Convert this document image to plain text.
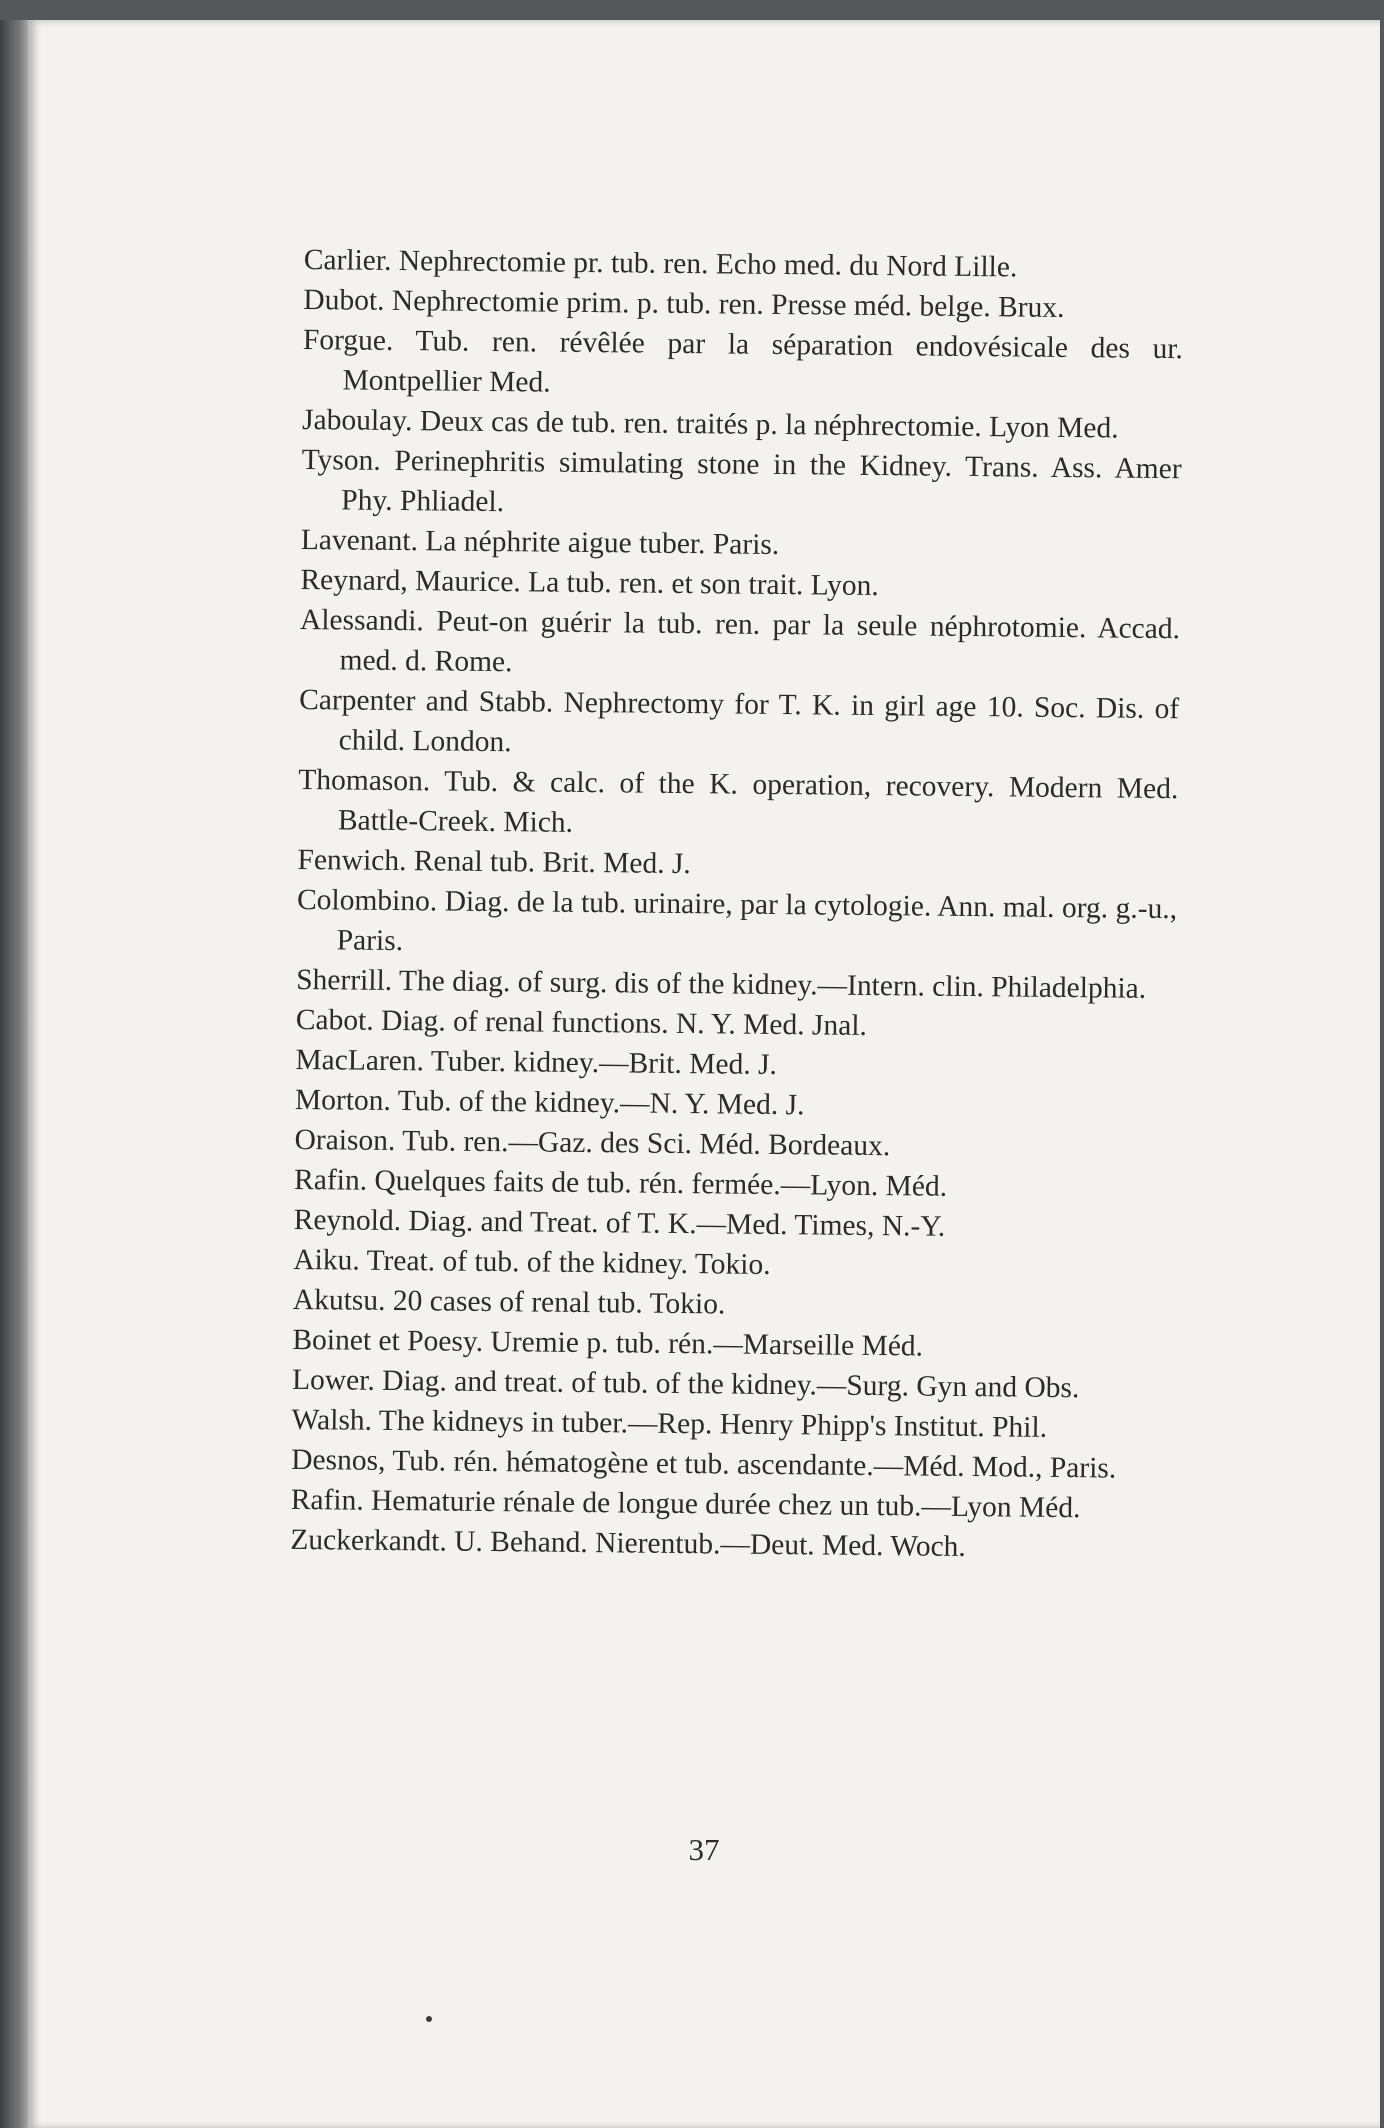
Carlier. Nephrectomie pr. tub. ren. Echo med. du Nord Lille.

Dubot. Nephrectomie prim. p. tub. ren. Presse méd. belge. Brux.

Forgue. Tub. ren. révêlée par la séparation endovésicale des ur. Montpellier Med.

Jaboulay. Deux cas de tub. ren. traités p. la néphrectomie. Lyon Med.

Tyson. Perinephritis simulating stone in the Kidney. Trans. Ass. Amer Phy. Phliadel.

Lavenant. La néphrite aigue tuber. Paris.

Reynard, Maurice. La tub. ren. et son trait. Lyon.

Alessandi. Peut-on guérir la tub. ren. par la seule néphrotomie. Accad. med. d. Rome.

Carpenter and Stabb. Nephrectomy for T. K. in girl age 10. Soc. Dis. of child. London.

Thomason. Tub. & calc. of the K. operation, recovery. Modern Med. Battle-Creek. Mich.

Fenwich. Renal tub. Brit. Med. J.

Colombino. Diag. de la tub. urinaire, par la cytologie. Ann. mal. org. g.-u., Paris.

Sherrill. The diag. of surg. dis of the kidney.—Intern. clin. Philadelphia.

Cabot. Diag. of renal functions. N. Y. Med. Jnal.

MacLaren. Tuber. kidney.—Brit. Med. J.

Morton. Tub. of the kidney.—N. Y. Med. J.

Oraison. Tub. ren.—Gaz. des Sci. Méd. Bordeaux.

Rafin. Quelques faits de tub. rén. fermée.—Lyon. Méd.

Reynold. Diag. and Treat. of T. K.—Med. Times, N.-Y.

Aiku. Treat. of tub. of the kidney. Tokio.

Akutsu. 20 cases of renal tub. Tokio.

Boinet et Poesy. Uremie p. tub. rén.—Marseille Méd.

Lower. Diag. and treat. of tub. of the kidney.—Surg. Gyn and Obs.

Walsh. The kidneys in tuber.—Rep. Henry Phipp's Institut. Phil.

Desnos, Tub. rén. hématogène et tub. ascendante.—Méd. Mod., Paris.

Rafin. Hematurie rénale de longue durée chez un tub.—Lyon Méd.

Zuckerkandt. U. Behand. Nierentub.—Deut. Med. Woch.

37
